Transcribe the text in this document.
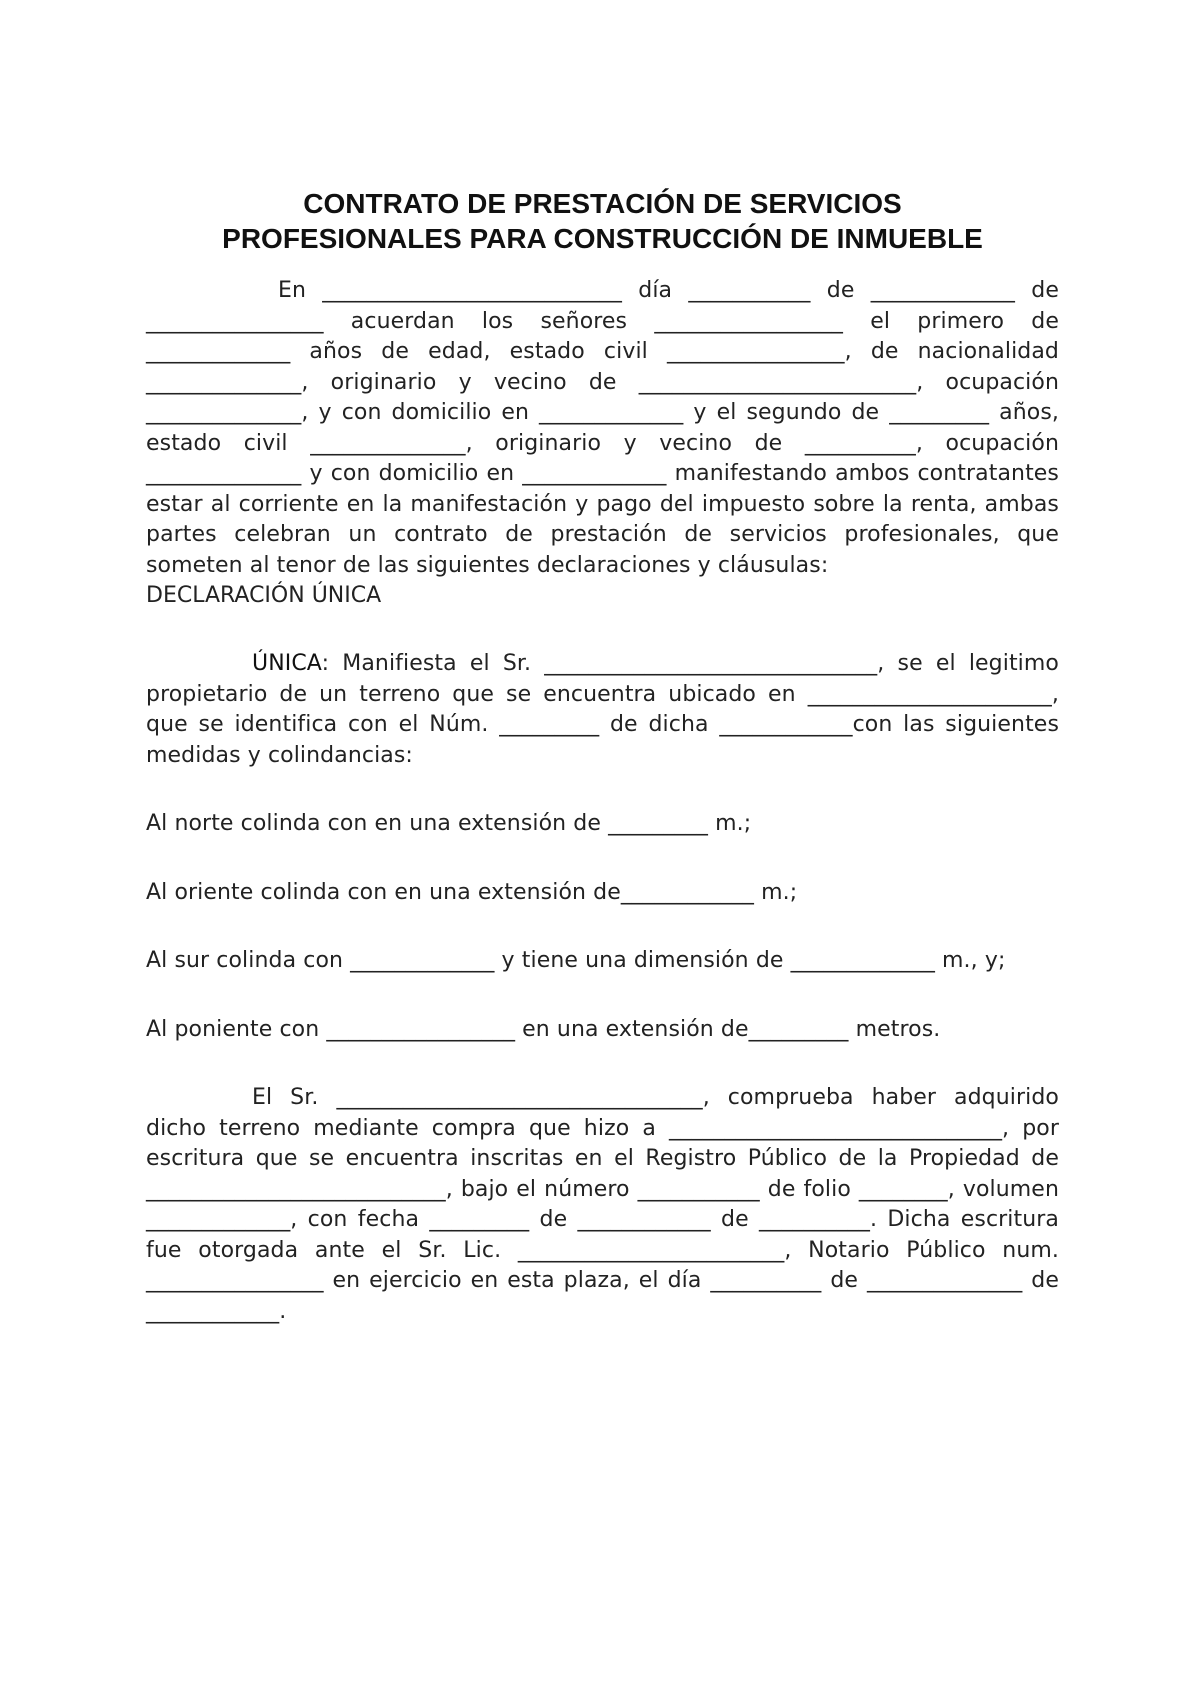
CONTRATO DE PRESTACIÓN DE SERVICIOS
PROFESIONALES PARA CONSTRUCCIÓN DE INMUEBLE

En ___________________________ día ___________ de _____________ de ________________ acuerdan los señores _________________ el primero de _____________ años de edad, estado civil ________________, de nacionalidad ______________, originario y vecino de _________________________, ocupación ______________, y con domicilio en _____________ y el segundo de _________ años, estado civil ______________, originario y vecino de __________, ocupación ______________ y con domicilio en _____________ manifestando ambos contratantes estar al corriente en la manifestación y pago del impuesto sobre la renta, ambas partes celebran un contrato de prestación de servicios profesionales, que someten al tenor de las siguientes declaraciones y cláusulas:

DECLARACIÓN ÚNICA

ÚNICA: Manifiesta el Sr. ______________________________, se el legitimo propietario de un terreno que se encuentra ubicado en ______________________, que se identifica con el Núm. _________ de dicha ____________con las siguientes medidas y colindancias:

Al norte colinda con en una extensión de _________ m.;

Al oriente colinda con en una extensión de____________ m.;

Al sur colinda con _____________ y tiene una dimensión de _____________ m., y;

Al poniente con _________________ en una extensión de_________ metros.

El Sr. _________________________________, comprueba haber adquirido dicho terreno mediante compra que hizo a ______________________________, por escritura que se encuentra inscritas en el Registro Público de la Propiedad de ___________________________, bajo el número ___________ de folio ________, volumen _____________, con fecha _________ de ____________ de __________. Dicha escritura fue otorgada ante el Sr. Lic. ________________________, Notario Público num. ________________ en ejercicio en esta plaza, el día __________ de ______________ de ____________.
